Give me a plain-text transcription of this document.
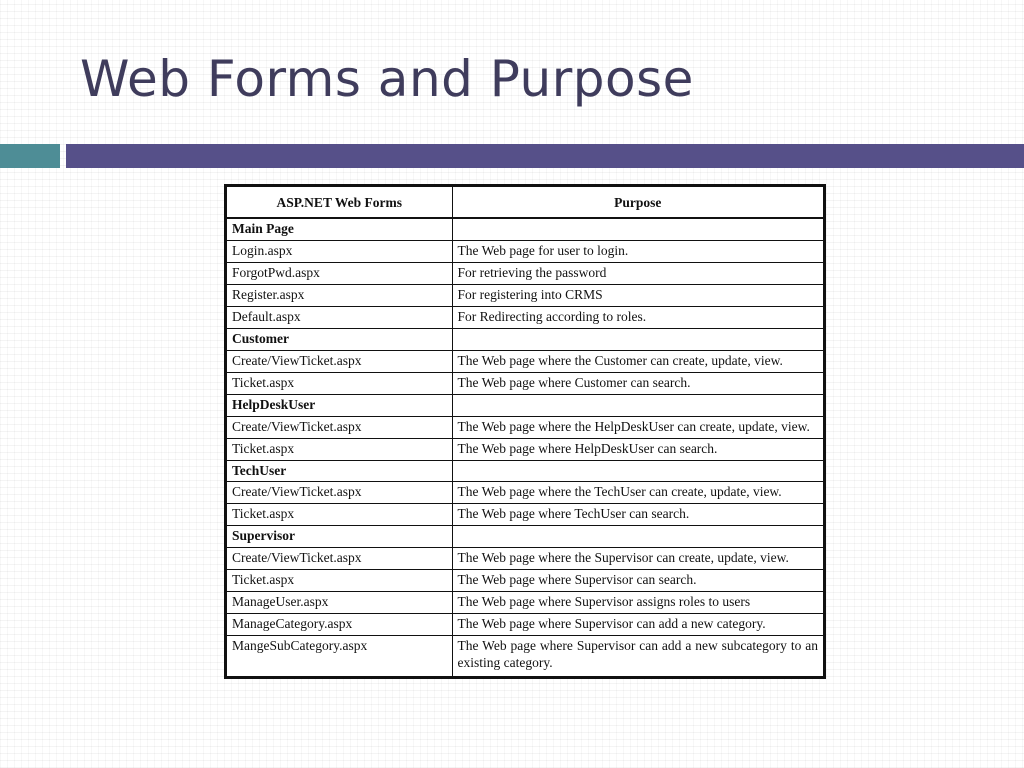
Web Forms and Purpose
ASP.NET Web Forms	Purpose
Main Page	
Login.aspx	The Web page for user to login.
ForgotPwd.aspx	For retrieving the password
Register.aspx	For registering into CRMS
Default.aspx	For Redirecting according to roles.
Customer	
Create/ViewTicket.aspx	The Web page where the Customer can create, update, view.
Ticket.aspx	The Web page where Customer can search.
HelpDeskUser	
Create/ViewTicket.aspx	The Web page where the HelpDeskUser can create, update, view.
Ticket.aspx	The Web page where HelpDeskUser can search.
TechUser	
Create/ViewTicket.aspx	The Web page where the TechUser can create, update, view.
Ticket.aspx	The Web page where TechUser can search.
Supervisor	
Create/ViewTicket.aspx	The Web page where the Supervisor can create, update, view.
Ticket.aspx	The Web page where Supervisor can search.
ManageUser.aspx	The Web page where Supervisor assigns roles to users
ManageCategory.aspx	The Web page where Supervisor can add a new category.
MangeSubCategory.aspx	The Web page where Supervisor can add a new subcategory to an existing category.
